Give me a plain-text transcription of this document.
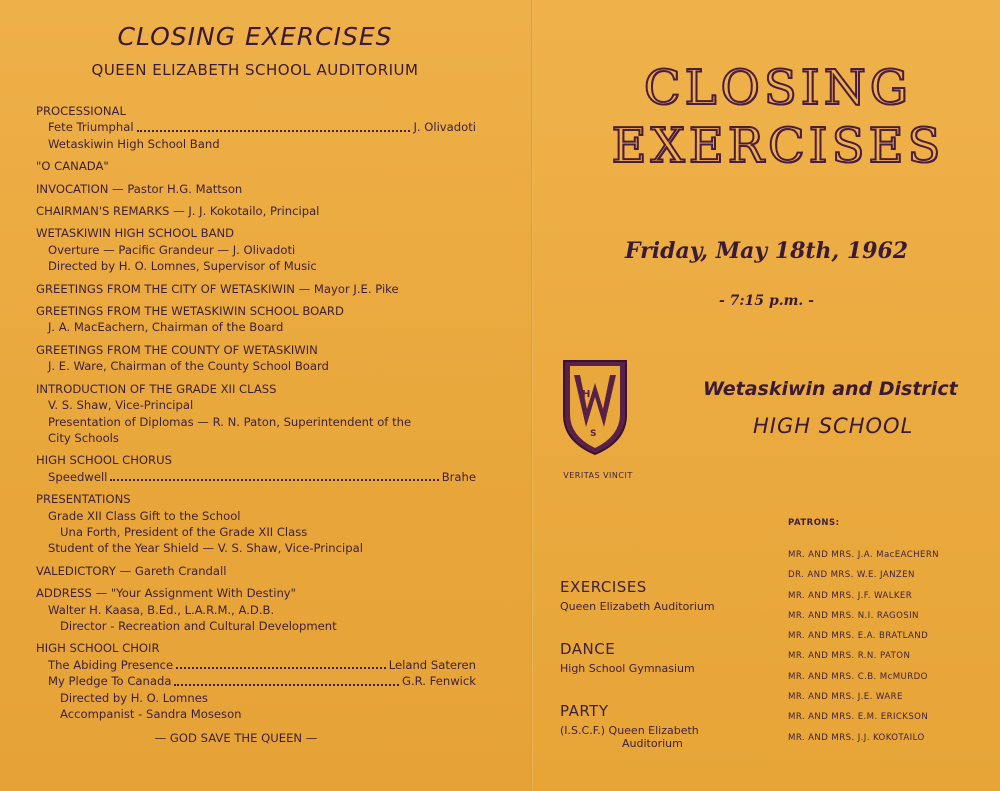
CLOSING EXERCISES
QUEEN ELIZABETH SCHOOL AUDITORIUM
PROCESSIONAL
Fete Triumphal	J. Olivadoti
Wetaskiwin High School Band
"O CANADA"
INVOCATION — Pastor H.G. Mattson
CHAIRMAN'S REMARKS — J. J. Kokotailo, Principal
WETASKIWIN HIGH SCHOOL BAND
Overture — Pacific Grandeur — J. Olivadoti
Directed by H. O. Lomnes, Supervisor of Music
GREETINGS FROM THE CITY OF WETASKIWIN — Mayor J.E. Pike
GREETINGS FROM THE WETASKIWIN SCHOOL BOARD
J. A. MacEachern, Chairman of the Board
GREETINGS FROM THE COUNTY OF WETASKIWIN
J. E. Ware, Chairman of the County School Board
INTRODUCTION OF THE GRADE XII CLASS
V. S. Shaw, Vice-Principal
Presentation of Diplomas — R. N. Paton, Superintendent of the
City Schools
HIGH SCHOOL CHORUS
Speedwell	Brahe
PRESENTATIONS
Grade XII Class Gift to the School
Una Forth, President of the Grade XII Class
Student of the Year Shield — V. S. Shaw, Vice-Principal
VALEDICTORY — Gareth Crandall
ADDRESS — "Your Assignment With Destiny"
Walter H. Kaasa, B.Ed., L.A.R.M., A.D.B.
Director - Recreation and Cultural Development
HIGH SCHOOL CHOIR
The Abiding Presence	Leland Sateren
My Pledge To Canada	G.R. Fenwick
Directed by H. O. Lomnes
Accompanist - Sandra Moseson
— GOD SAVE THE QUEEN —
CLOSING
EXERCISES
Friday, May 18th, 1962
- 7:15 p.m. -
H
S
VERITAS VINCIT
Wetaskiwin and District
HIGH SCHOOL
EXERCISES
Queen Elizabeth Auditorium
DANCE
High School Gymnasium
PARTY
(I.S.C.F.) Queen Elizabeth
Auditorium
PATRONS:
MR. AND MRS. J.A. MacEACHERN
DR. AND MRS. W.E. JANZEN
MR. AND MRS. J.F. WALKER
MR. AND MRS. N.I. RAGOSIN
MR. AND MRS. E.A. BRATLAND
MR. AND MRS. R.N. PATON
MR. AND MRS. C.B. McMURDO
MR. AND MRS. J.E. WARE
MR. AND MRS. E.M. ERICKSON
MR. AND MRS. J.J. KOKOTAILO
